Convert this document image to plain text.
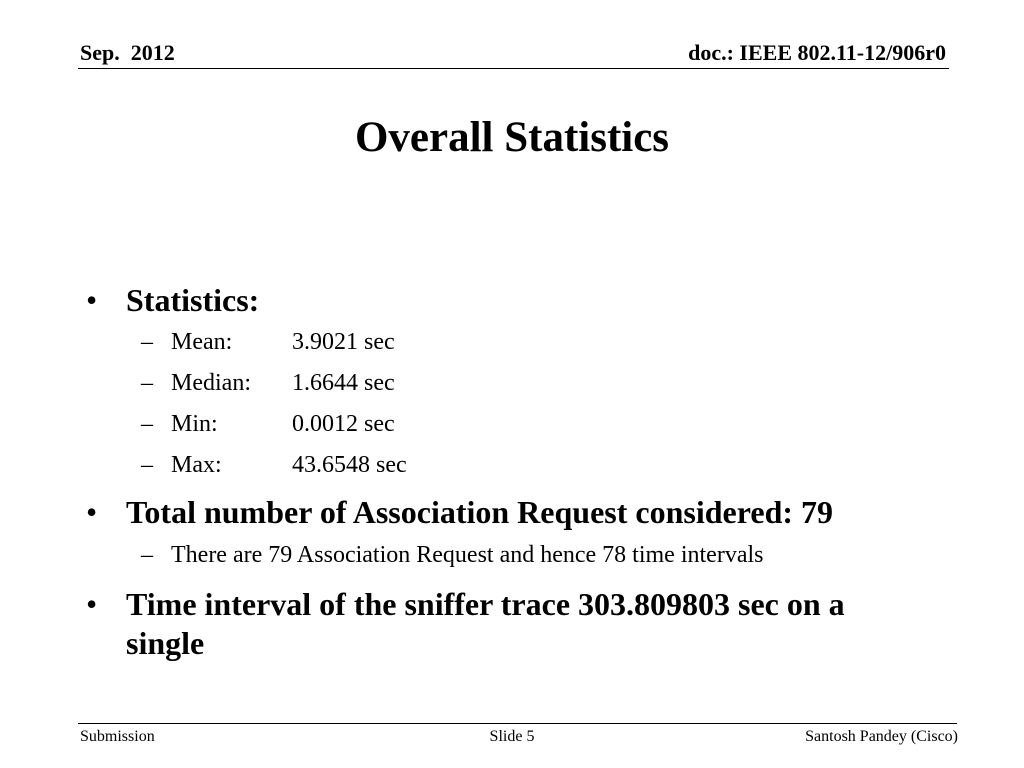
Sep.  2012	doc.: IEEE 802.11-12/906r0
Overall Statistics
• Statistics:
– Mean: 3.9021 sec
– Median: 1.6644 sec
– Min:	0.0012 sec
– Max:	43.6548 sec
• Total number of Association Request considered: 79
– There are 79 Association Request and hence 78 time intervals
• Time interval of the sniffer trace 303.809803 sec on a single
Submission	Slide 5	Santosh Pandey (Cisco)
